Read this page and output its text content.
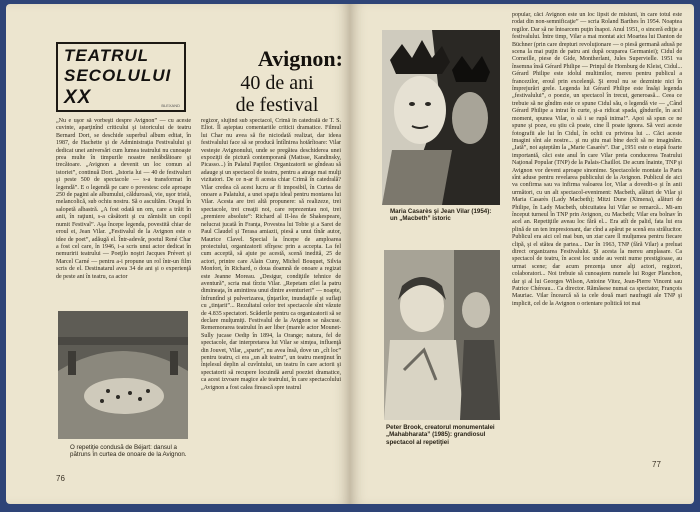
TEATRUL
SECOLULUI
XX	BLEXAND
Avignon:
40 de ani
de festival
„Nu e uşor să vorbeşti despre Avignon” — cu aceste cuvinte, aparţinînd criticului şi istoricului de teatru Bernard Dort, se deschide superbul album editat, în 1987, de Hachette şi de Administraţia Festivalului şi dedicat unei aniversări cum lumea teatrului nu cunoaşte prea multe în timpurile noastre nerăbdătoare şi trecătoare. „Avignon a devenit un loc comun al istoriei”, continuă Dort. „Istoria lui — 40 de festivaluri şi peste 500 de spectacole — s-a transformat în legendă”. E o legendă pe care o povestesc cele aproape 250 de pagini ale albumului, călduroasă, vie, uşor tristă, melancolică, sub ochiu nostru. Să o ascultăm. Oraşul în salopetă albastră. „A fost odată un om, care a trăit în anii, în raţiuni, s-a căsătorit şi cu zămislit un copil numit Festival”. Aşa începe legenda, povestită chiar de eroul ei, Jean Vilar. „Festivalul de la Avignon este o idee de poet”, adăugă el. Într-adevăr, poetul René Char a fost cel care, în 1946, i-a scris unui actor dedicat în nemuririi teatrului — Poeţilo noştri Jacques Prévert şi Marcel Carné — pentru a-i propune un rol într-un film scris de el. Destinatarul avea 34 de ani şi o experienţă de peste ani în teatru, ca actor
regizor, slujind sub spectacol, Crimă în catedrală de T. S. Eliot. Îl aşteptau comentariile criticii dramatice. Filmul lui Char nu avea să fie niciodată realizat, dar ideea festivalului face să se producă întîlnirea hotărîtoare: Vilar vesteşte Avignonului, unde se pregătea deschiderea unei expoziţii de pictură contemporană (Matisse, Kandinsky, Picasso...) în Palatul Papilor. Organizatorii se gîndeau să adauge şi un spectacol de teatru, pentru a atrage mai mulţi vizitatori. De ce n-ar fi acesta chiar Crimă în catedrală? Vilar credea că acest lucru ar fi imposibil, în Curtea de onoare a Palatului, a unei spaţiu ideal pentru montarea lui Vilar. Acesta are trei altă propunere: să realizeze, trei spectacole, trei creaţii noi, care reprezentau noi, trei „premiere absolute”: Richard al II-lea de Shakespeare, nelucrat jucată în Franţa, Povestea lui Tobie şi a Sarei de Paul Claudel şi Terasa amiazii, piesă a unui tînăr autor, Maurice Clavel. Special la începe de amploarea proiectului, organizatorii sfîrşesc prin a accepta. La fel cum acceptă, să ajute pe acestă, scenă inedită, 25 de actori, printre care Alain Cuny, Michel Bouquet, Silvia Monfort, în Richard, o doua doamnă de onoare a regizat este Jeanne Moreau. „Desigur, condiţiile tehnice de aventură”, scria mai tîrziu Vilar. „Repetam zilei la patru dimineaţa, în amintirea unui dintre aventurieri” — noapte, înfruntînd şi pulverizarea, ţînţarilor, inundaţiile şi suflaţi cu „tinţarii”... Rezultatul celor trei spectacole sînt văzute de 4.835 spectatori. Scăderile pentru ca organizatorii să se declare mulţumiţi. Festivalul de la Avignon se născuse. Rememorarea teatrului în aer liber (marele actor Mounet-Sully jucase Oedip în 1894, la Orange; natura, fel de spectacole, dar interpretarea lui Vilar se simţea, influenţă din Jouvet, Vilar, „sparte”, nu avea însă, dove un „cît loc” pentru teatru, ci era „un alt teatru”, un teatru menţinut în înţelesul deplin al cuvîntului, un teatru în care actorii şi spectatorii să recupere locuindă aerul poeziei dramatice, ca acest izvoare magice ale teatrului, în care spectacolului „Avignon a fost calea firească spre teatrul
O repetiţie condusă de Béjart: dansul a pătruns în curtea de onoare de la Avignon.
76
Maria Casarès şi Jean Vilar (1954): un „Macbeth” istoric
Peter Brook, creatorul monumentalei „Mahabharata” (1985): grandiosul spectacol al repetiţiei
popular, căci Avignon este un loc lipsit de misiuni, în care totul este rodat din non-semnificaţie” — scria Roland Barthes în 1954. Noaptea regilor. Dar să ne întoarcem puţin înapoi. Anul 1951, o sinceră ediţie a festivalului. Între timp, Vilar a mai montat aici Moartea lui Danton de Büchner (prin care drepturi revoluţionare — o piesă germană adusă pe scena la mai puţin de patru ani după ocuparea Germaniei); Cidul de Corneille, piese de Gide, Montherlant, Jules Supervielle. 1951 va însemna însă Gérard Philipe — Prinţul de Homburg de Kleist, Cidul... Gérard Philipe este idolul multimilor, mereu pentru publicul a francezilor, eroul prin excelenţă. Şi eroul nu se dezminte nici în împrejurări grele. Legenda lui Gérard Philipe este însăşi legenda „festivalului”, o poezie, un spectacol în trecut, generoasă... Ceea ce trebuie să ne gîndim este ce spune Cidul său, o legendă vie — „Când Gérard Philipe a intrat în curte, şi-a ridicat spada, gîndurile, în acel moment, spunea Vilar, o să i se rupă inima!”. Apoi să spun ce ne spune şi poze, eu ştiu că poate, cine îl poate ignora. Să vezi aceste fotografii ale lui în Cidul, în ochii cu privirea lui ... Căci aceste imagini sînt ale nostre... şi nu ştiu mai bine decît să ne imaginăm. „Iată”, noi aşteptăm la „Marie Casarès”. Dar „1951 este o etapă foarte importantă, căci este anul în care Vilar preia conducerea Teatrului Naţional Popular (TNP) de la Palais-Chaillot. De acum înainte, TNP şi Avignon vor deveni aproape sinonime. Spectacolele montate la Paris sînt aduse pentru revelarea publicului de la Avignon. Publicul de aici va confirma sau va infirma valoarea lor, Vilar a dovedit-o şi în anii următori, cu un alt spectacol-eveniment: Macbeth, alături de Vilar şi Maria Casarès (Lady Macbeth); Mitzi Dune (Ximena), alături de Philipe, în Lady Macbeth, ubicuitatea lui Vilar se remarcă... Mi-am început turneul în TNP prin Avignon, cu Macbeth; Vilar era bolnav în acel an. Repetiţiile aveau loc fără el... Era atît de palid, fata lui era plină de un ten impresionant, dar cînd a apărut pe scenă era strălucitor. Publicul era aici cel mai bun, un ziar care îl mulţumea pentru fiecare clipă, şi el stătea de partea... Dar în 1963, TNP (fără Vilar) a preluat direct organizarea Festivalului. Şi acesta la mereu amplasare. Ca spectacol de teatru, în acest loc unde au venit nume prestigioase, au urmat scene; dar acum prezenţa unor alţi actori, regizori, colaboratori... Noi trebuie să cunoaştem numele lui Roger Planchon, dar şi al lui Georges Wilson, Antoine Vitez, Jean-Pierre Vincent sau Patrice Chéreau... Ca director. Rămăsese numai ca spectator, François Mauriac. Vilar încearcă să ia cele două mari naufragii ale TNP şi implicit, cel de la Avignon o orientare politică tot mai
77
